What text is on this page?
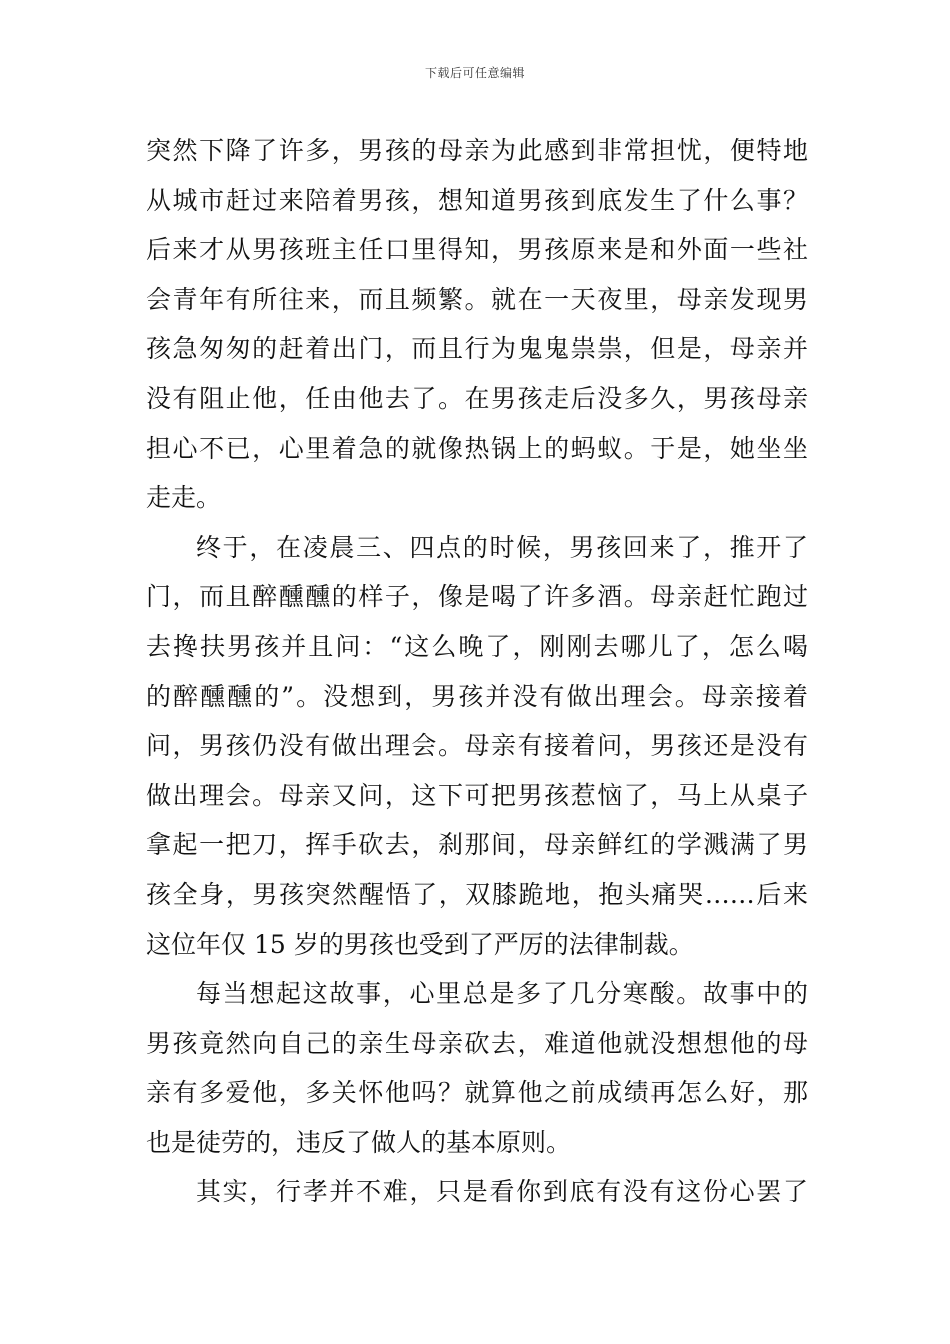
下载后可任意编辑
突然下降了许多，男孩的母亲为此感到非常担忧，便特地
从城市赶过来陪着男孩，想知道男孩到底发生了什么事？
后来才从男孩班主任口里得知，男孩原来是和外面一些社
会青年有所往来，而且频繁。就在一天夜里，母亲发现男
孩急匆匆的赶着出门，而且行为鬼鬼祟祟，但是，母亲并
没有阻止他，任由他去了。在男孩走后没多久，男孩母亲
担心不已，心里着急的就像热锅上的蚂蚁。于是，她坐坐
走走。
终于，在凌晨三、四点的时候，男孩回来了，推开了
门，而且醉醺醺的样子，像是喝了许多酒。母亲赶忙跑过
去搀扶男孩并且问：“这么晚了，刚刚去哪儿了，怎么喝
的醉醺醺的”。没想到，男孩并没有做出理会。母亲接着
问，男孩仍没有做出理会。母亲有接着问，男孩还是没有
做出理会。母亲又问，这下可把男孩惹恼了，马上从桌子
拿起一把刀，挥手砍去，刹那间，母亲鲜红的学溅满了男
孩全身，男孩突然醒悟了，双膝跪地，抱头痛哭……后来
这位年仅 15 岁的男孩也受到了严厉的法律制裁。
每当想起这故事，心里总是多了几分寒酸。故事中的
男孩竟然向自己的亲生母亲砍去，难道他就没想想他的母
亲有多爱他，多关怀他吗？就算他之前成绩再怎么好，那
也是徒劳的，违反了做人的基本原则。
其实，行孝并不难，只是看你到底有没有这份心罢了
